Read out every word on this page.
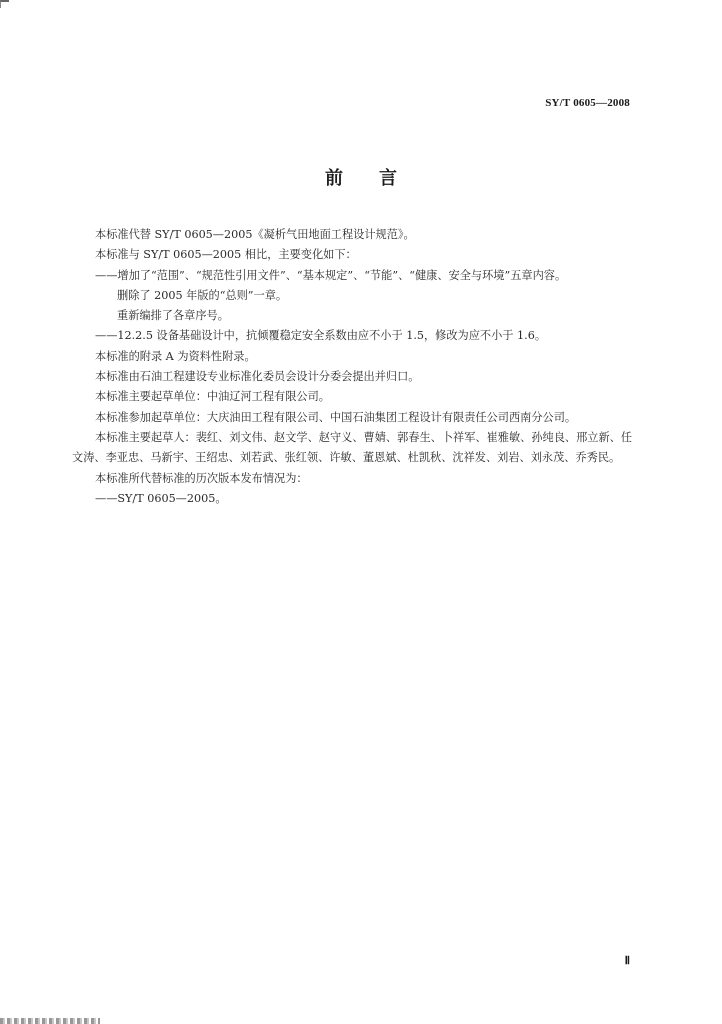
SY/T 0605—2008
前言

本标准代替 SY/T 0605—2005《凝析气田地面工程设计规范》。

本标准与 SY/T 0605—2005 相比，主要变化如下：

——增加了“范围”、“规范性引用文件”、“基本规定”、“节能”、“健康、安全与环境”五章内容。

删除了 2005 年版的“总则”一章。

重新编排了各章序号。

——12.2.5 设备基础设计中，抗倾覆稳定安全系数由应不小于 1.5，修改为应不小于 1.6。

本标准的附录 A 为资料性附录。

本标准由石油工程建设专业标准化委员会设计分委会提出并归口。

本标准主要起草单位：中油辽河工程有限公司。

本标准参加起草单位：大庆油田工程有限公司、中国石油集团工程设计有限责任公司西南分公司。

本标准主要起草人：裴红、刘文伟、赵文学、赵守义、曹婧、郭春生、卜祥军、崔雅敏、孙纯良、邢立新、任文涛、李亚忠、马新宇、王绍忠、刘若武、张红领、许敏、董恩斌、杜凯秋、沈祥发、刘岩、刘永茂、乔秀民。

本标准所代替标准的历次版本发布情况为：

——SY/T 0605—2005。

Ⅱ
